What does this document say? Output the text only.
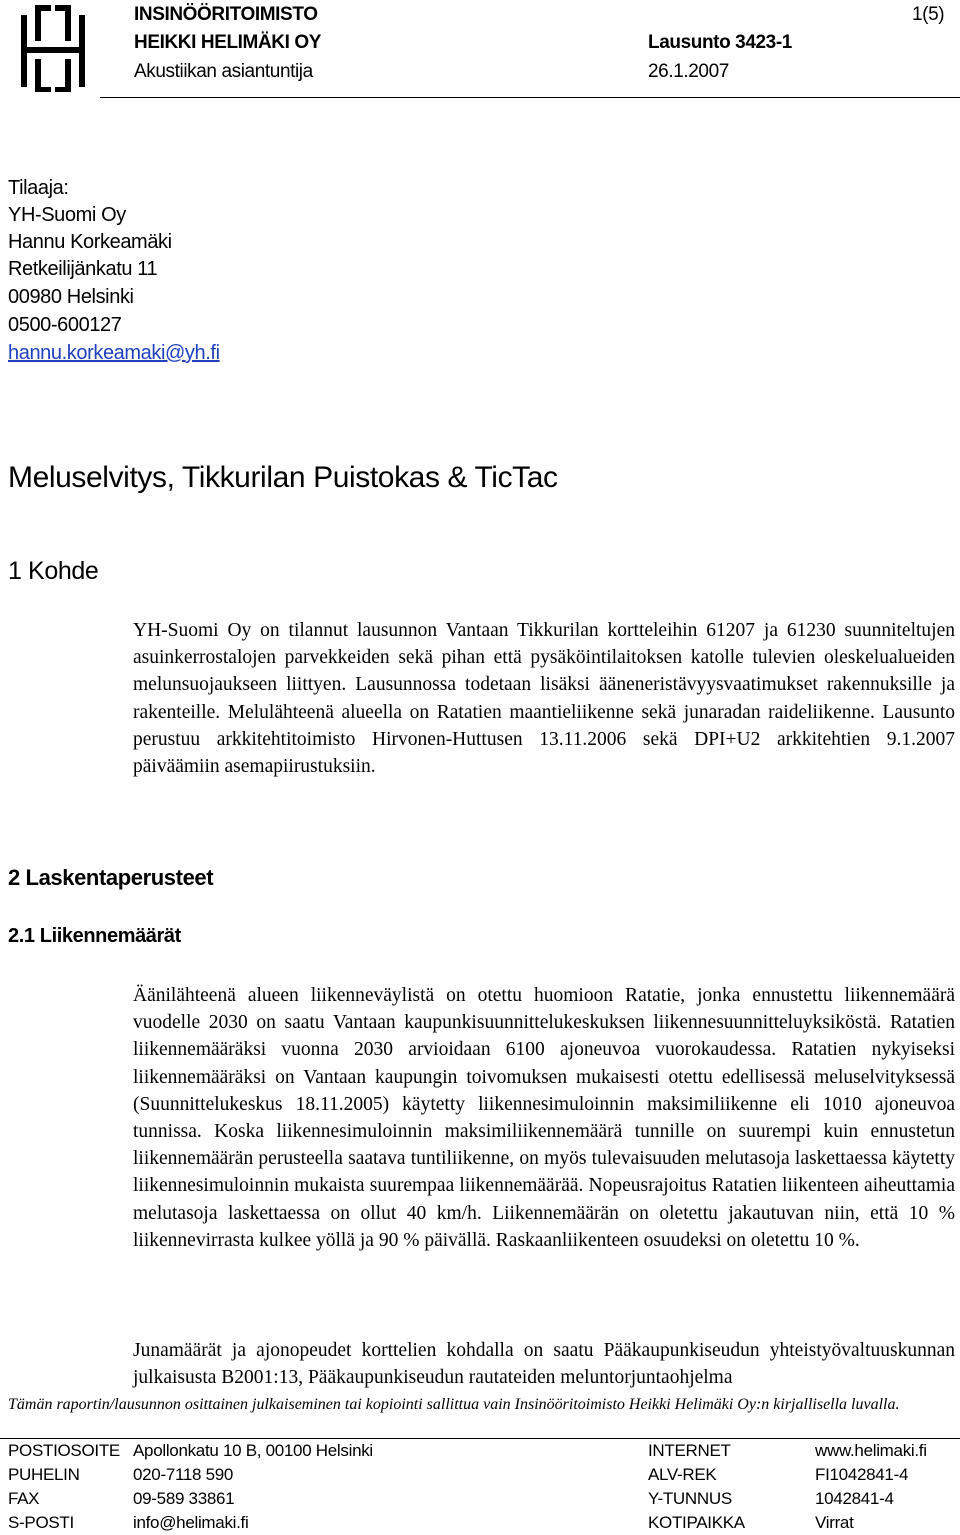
INSINÖÖRITOIMISTO
HEIKKI HELIMÄKI OY
Akustiikan asiantuntija
Lausunto 3423-1
26.1.2007
1(5)
Tilaaja:
YH-Suomi Oy
Hannu Korkeamäki
Retkeilijänkatu 11
00980 Helsinki
0500-600127
hannu.korkeamaki@yh.fi
Meluselvitys, Tikkurilan Puistokas & TicTac
1 Kohde
YH-Suomi Oy on tilannut lausunnon Vantaan Tikkurilan kortteleihin 61207 ja 61230 suunniteltujen asuinkerrostalojen parvekkeiden sekä pihan että pysäköintilaitoksen katolle tulevien oleskelualueiden melunsuojaukseen liittyen. Lausunnossa todetaan lisäksi ääneneristävyysvaatimukset rakennuksille ja rakenteille. Melulähteenä alueella on Ratatien maantieliikenne sekä junaradan raideliikenne. Lausunto perustuu arkkitehtitoimisto Hirvonen-Huttusen 13.11.2006 sekä DPI+U2 arkkitehtien 9.1.2007 päiväämiin asemapiirustuksiin.
2 Laskentaperusteet
2.1 Liikennemäärät
Äänilähteenä alueen liikenneväylistä on otettu huomioon Ratatie, jonka ennustettu liikennemäärä vuodelle 2030 on saatu Vantaan kaupunkisuunnittelukeskuksen liikennesuunnitteluyksiköstä. Ratatien liikennemääräksi vuonna 2030 arvioidaan 6100 ajoneuvoa vuorokaudessa. Ratatien nykyiseksi liikennemääräksi on Vantaan kaupungin toivomuksen mukaisesti otettu edellisessä meluselvityksessä (Suunnittelukeskus 18.11.2005) käytetty liikennesimuloinnin maksimiliikenne eli 1010 ajoneuvoa tunnissa. Koska liikennesimuloinnin maksimiliikennemäärä tunnille on suurempi kuin ennustetun liikennemäärän perusteella saatava tuntiliikenne, on myös tulevaisuuden melutasoja laskettaessa käytetty liikennesimuloinnin mukaista suurempaa liikennemäärää. Nopeusrajoitus Ratatien liikenteen aiheuttamia melutasoja laskettaessa on ollut 40 km/h. Liikennemäärän on oletettu jakautuvan niin, että 10 % liikennevirrasta kulkee yöllä ja 90 % päivällä. Raskaanliikenteen osuudeksi on oletettu 10 %.
Junamäärät ja ajonopeudet korttelien kohdalla on saatu Pääkaupunkiseudun yhteistyövaltuuskunnan julkaisusta B2001:13, Pääkaupunkiseudun rautateiden meluntorjuntaohjelma
Tämän raportin/lausunnon osittainen julkaiseminen tai kopiointi sallittua vain Insinööritoimisto Heikki Helimäki Oy:n kirjallisella luvalla.
POSTIOSOITE Apollonkatu 10 B, 00100 Helsinki	INTERNET	www.helimaki.fi
PUHELIN	020-7118 590	ALV-REK	FI1042841-4
FAX	09-589 33861	Y-TUNNUS	1042841-4
S-POSTI	info@helimaki.fi	KOTIPAIKKA	Virrat
